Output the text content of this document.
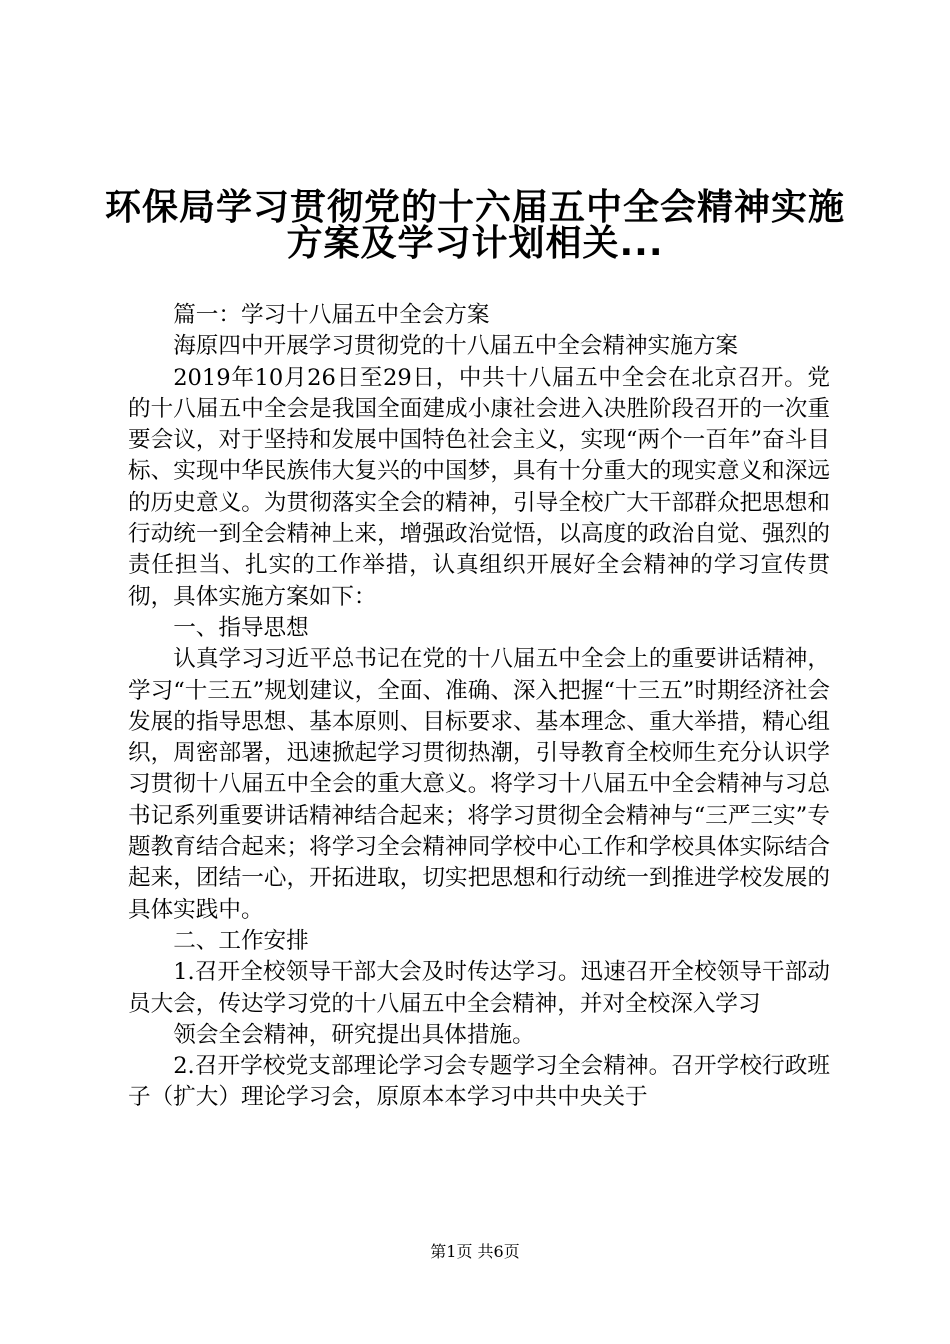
环保局学习贯彻党的十六届五中全会精神实施
方案及学习计划相关...

篇一：学习十八届五中全会方案

海原四中开展学习贯彻党的十八届五中全会精神实施方案

2019年10月26日至29日，中共十八届五中全会在北京召开。党的十八届五中全会是我国全面建成小康社会进入决胜阶段召开的一次重要会议，对于坚持和发展中国特色社会主义，实现“两个一百年”奋斗目标、实现中华民族伟大复兴的中国梦，具有十分重大的现实意义和深远的历史意义。为贯彻落实全会的精神，引导全校广大干部群众把思想和行动统一到全会精神上来，增强政治觉悟，以高度的政治自觉、强烈的责任担当、扎实的工作举措，认真组织开展好全会精神的学习宣传贯彻，具体实施方案如下：

一、指导思想

认真学习习近平总书记在党的十八届五中全会上的重要讲话精神，学习“十三五”规划建议，全面、准确、深入把握“十三五”时期经济社会发展的指导思想、基本原则、目标要求、基本理念、重大举措，精心组织，周密部署，迅速掀起学习贯彻热潮，引导教育全校师生充分认识学习贯彻十八届五中全会的重大意义。将学习十八届五中全会精神与习总书记系列重要讲话精神结合起来；将学习贯彻全会精神与“三严三实”专题教育结合起来；将学习全会精神同学校中心工作和学校具体实际结合起来，团结一心，开拓进取，切实把思想和行动统一到推进学校发展的具体实践中。

二、工作安排

1.召开全校领导干部大会及时传达学习。迅速召开全校领导干部动员大会，传达学习党的十八届五中全会精神，并对全校深入学习

领会全会精神，研究提出具体措施。

2.召开学校党支部理论学习会专题学习全会精神。召开学校行政班子（扩大）理论学习会，原原本本学习中共中央关于

第1页 共6页
